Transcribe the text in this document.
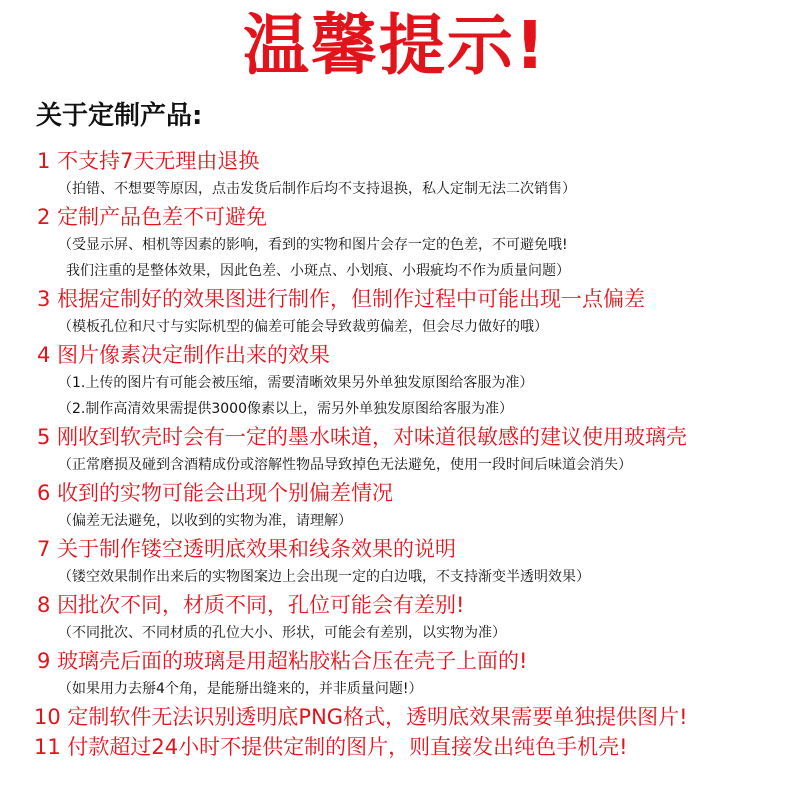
温馨提示!
关于定制产品:
1 不支持7天无理由退换
（拍错、不想要等原因，点击发货后制作后均不支持退换，私人定制无法二次销售）
2 定制产品色差不可避免
（受显示屏、相机等因素的影响，看到的实物和图片会存一定的色差，不可避免哦!
我们注重的是整体效果，因此色差、小斑点、小划痕、小瑕疵均不作为质量问题）
3 根据定制好的效果图进行制作，但制作过程中可能出现一点偏差
（模板孔位和尺寸与实际机型的偏差可能会导致裁剪偏差，但会尽力做好的哦）
4 图片像素决定制作出来的效果
（1.上传的图片有可能会被压缩，需要清晰效果另外单独发原图给客服为准）
（2.制作高清效果需提供3000像素以上，需另外单独发原图给客服为准）
5 刚收到软壳时会有一定的墨水味道，对味道很敏感的建议使用玻璃壳
（正常磨损及碰到含酒精成份或溶解性物品导致掉色无法避免，使用一段时间后味道会消失）
6 收到的实物可能会出现个别偏差情况
（偏差无法避免，以收到的实物为准，请理解）
7 关于制作镂空透明底效果和线条效果的说明
（镂空效果制作出来后的实物图案边上会出现一定的白边哦，不支持渐变半透明效果）
8 因批次不同，材质不同，孔位可能会有差别!
（不同批次、不同材质的孔位大小、形状，可能会有差别，以实物为准）
9 玻璃壳后面的玻璃是用超粘胶粘合压在壳子上面的!
（如果用力去掰4个角，是能掰出缝来的，并非质量问题!）
10 定制软件无法识别透明底PNG格式，透明底效果需要单独提供图片!
11 付款超过24小时不提供定制的图片，则直接发出纯色手机壳!
